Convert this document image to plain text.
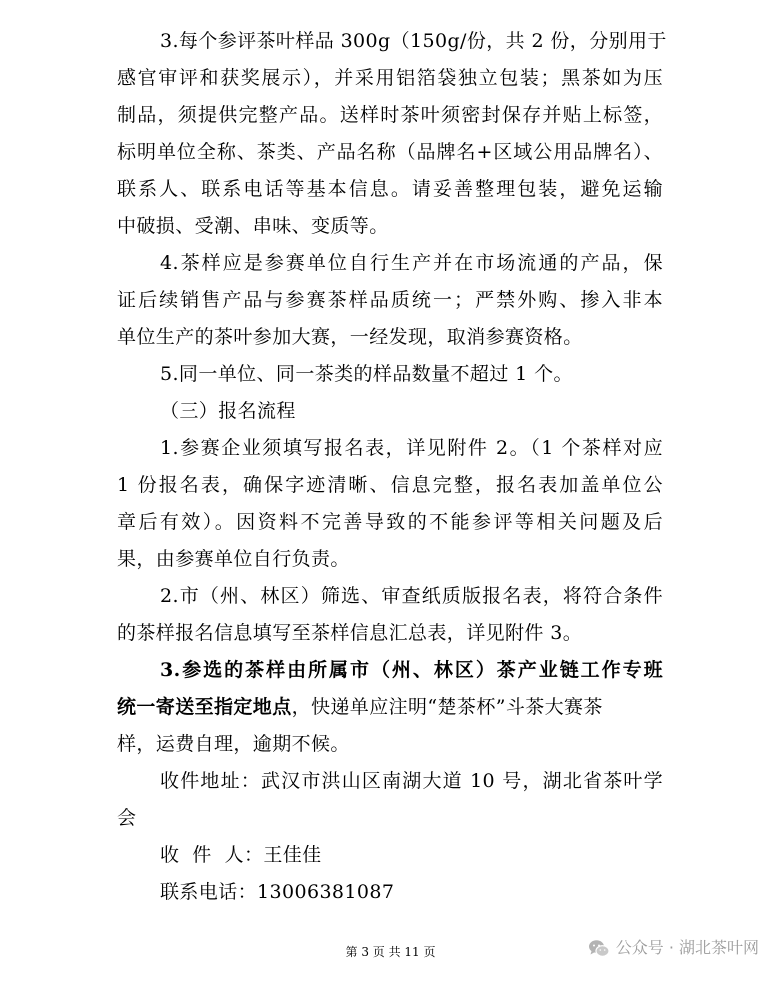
3.每个参评茶叶样品 300g（150g/份，共 2 份，分别用于
感官审评和获奖展示），并采用铝箔袋独立包装；黑茶如为压
制品，须提供完整产品。送样时茶叶须密封保存并贴上标签，
标明单位全称、茶类、产品名称（品牌名+区域公用品牌名）、
联系人、联系电话等基本信息。请妥善整理包装，避免运输
中破损、受潮、串味、变质等。
4.茶样应是参赛单位自行生产并在市场流通的产品，保
证后续销售产品与参赛茶样品质统一；严禁外购、掺入非本
单位生产的茶叶参加大赛，一经发现，取消参赛资格。
5.同一单位、同一茶类的样品数量不超过 1 个。
（三）报名流程
1.参赛企业须填写报名表，详见附件 2。（1 个茶样对应
1 份报名表，确保字迹清晰、信息完整，报名表加盖单位公
章后有效）。因资料不完善导致的不能参评等相关问题及后
果，由参赛单位自行负责。
2.市（州、林区）筛选、审查纸质版报名表，将符合条件
的茶样报名信息填写至茶样信息汇总表，详见附件 3。
3.参选的茶样由所属市（州、林区）茶产业链工作专班
统一寄送至指定地点，快递单应注明“楚茶杯”斗茶大赛茶
样，运费自理，逾期不候。
收件地址：武汉市洪山区南湖大道 10 号，湖北省茶叶学
会
收  件  人：王佳佳
联系电话：13006381087
第 3 页 共 11 页	公众号 · 湖北茶叶网
